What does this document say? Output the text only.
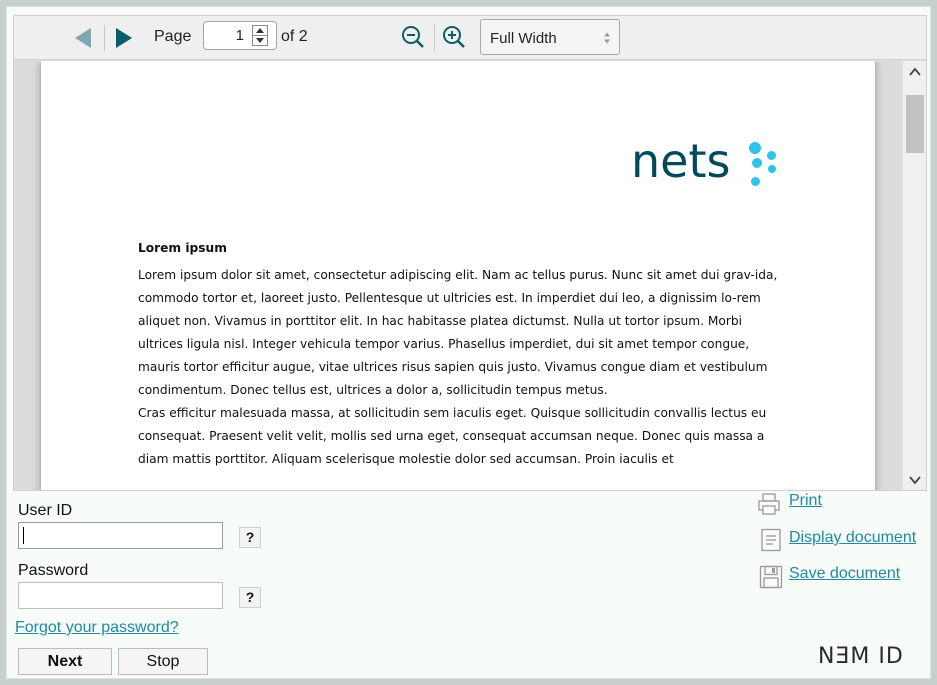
Page	1 of 2	Full Width
nets
Lorem ipsum
Lorem ipsum dolor sit amet, consectetur adipiscing elit. Nam ac tellus purus. Nunc sit amet dui grav-ida, commodo tortor et, laoreet justo. Pellentesque ut ultricies est. In imperdiet dui leo, a dignissim lo-rem aliquet non. Vivamus in porttitor elit. In hac habitasse platea dictumst. Nulla ut tortor ipsum. Morbi ultrices ligula nisl. Integer vehicula tempor varius. Phasellus imperdiet, dui sit amet tempor congue, mauris tortor efficitur augue, vitae ultrices risus sapien quis justo. Vivamus congue diam et vestibulum condimentum. Donec tellus est, ultrices a dolor a, sollicitudin tempus metus.
Cras efficitur malesuada massa, at sollicitudin sem iaculis eget. Quisque sollicitudin convallis lectus eu consequat. Praesent velit velit, mollis sed urna eget, consequat accumsan neque. Donec quis massa a diam mattis porttitor. Aliquam scelerisque molestie dolor sed accumsan. Proin iaculis et
User ID
?
Password
?
Forgot your password?
Next	Stop
Print
Display document
Save document
NƎM ID
